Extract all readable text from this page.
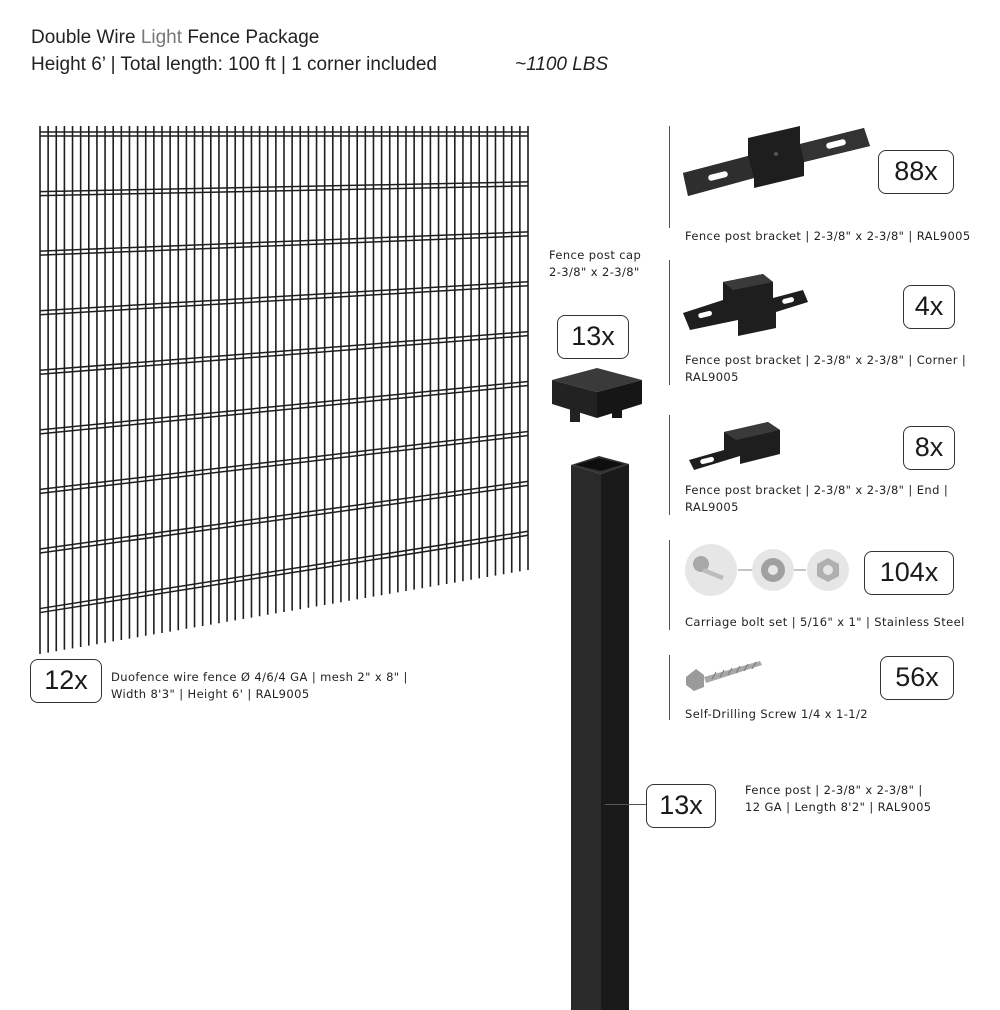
Double Wire Light Fence Package
Height 6’ | Total length: 100 ft | 1 corner included	~1100 LBS
12x	Duofence wire fence Ø 4/6/4 GA | mesh 2" x 8" |
Width 8'3" | Height 6' | RAL9005
Fence post cap
2-3/8" x 2-3/8"
13x
13x	Fence post | 2-3/8" x 2-3/8" |
12 GA | Length 8'2" | RAL9005
88x
Fence post bracket | 2-3/8" x 2-3/8" | RAL9005
4x
Fence post bracket | 2-3/8" x 2-3/8" | Corner |
RAL9005
8x
Fence post bracket | 2-3/8" x 2-3/8" | End |
RAL9005
104x
Carriage bolt set | 5/16" x 1" | Stainless Steel
56x
Self-Drilling Screw 1/4 x 1-1/2
